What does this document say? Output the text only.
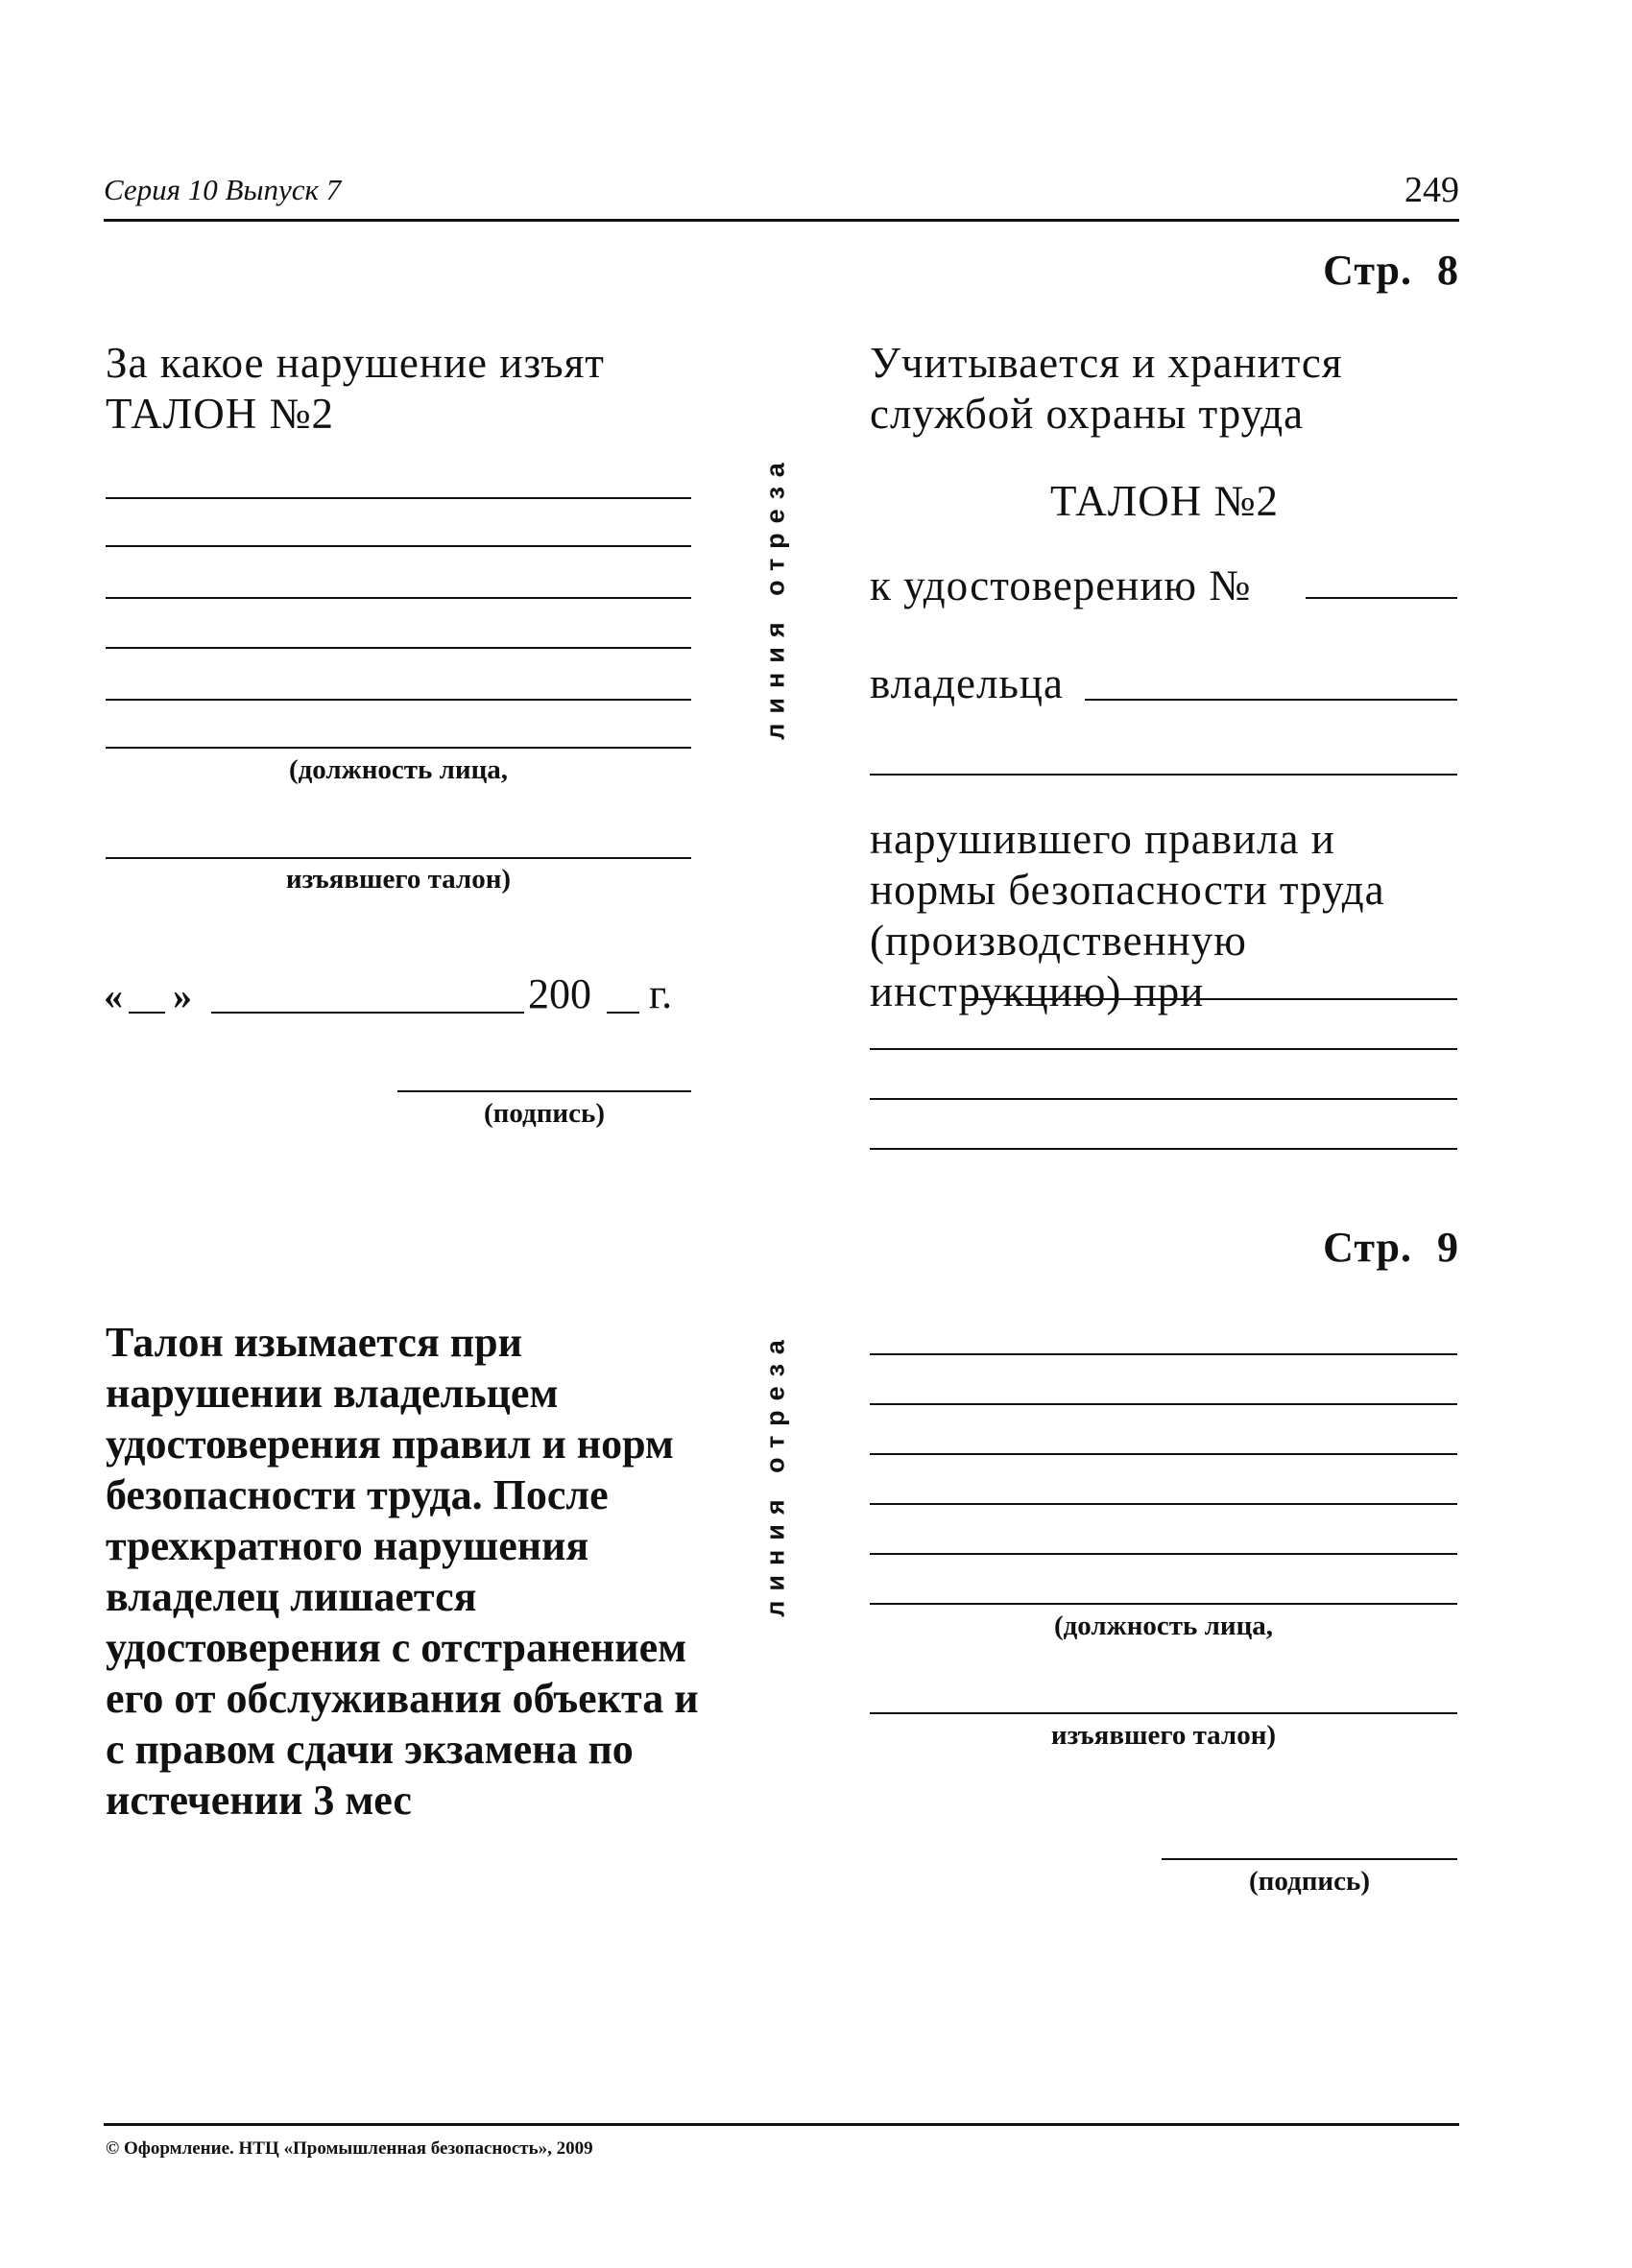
Серия 10 Выпуск 7	249
Стр. 8
За какое нарушение изъят ТАЛОН №2
(должность лица,
изъявшего талон)
« »	200 г.
(подпись)
линия отреза
Учитывается и хранится службой охраны труда
ТАЛОН №2
к удостоверению №
владельца
нарушившего правила и нормы безопасности труда (производственную инструкцию) при
Стр. 9
Талон изымается при нарушении владельцем удостоверения правил и норм безопасности труда. После трехкратного нарушения владелец лишается удостоверения с отстранением его от обслуживания объекта и с правом сдачи экзамена по истечении 3 мес
линия отреза
(должность лица,
изъявшего талон)
(подпись)
© Оформление. НТЦ «Промышленная безопасность», 2009
